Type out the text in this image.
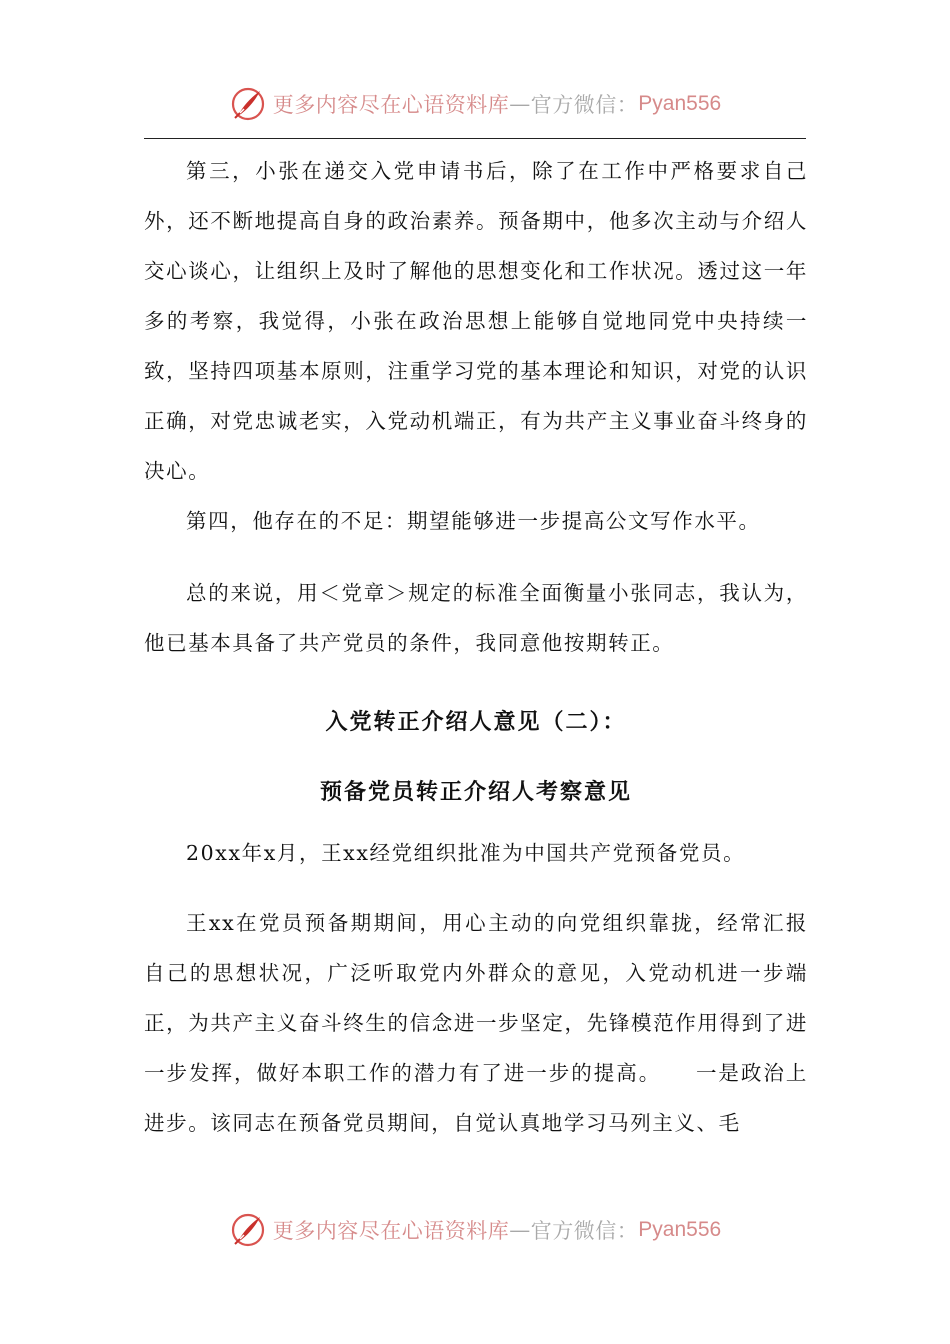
更多内容尽在心语资料库 — 官方微信： Pyan556

第三，小张在递交入党申请书后，除了在工作中严格要求自己外，还不断地提高自身的政治素养。预备期中，他多次主动与介绍人交心谈心，让组织上及时了解他的思想变化和工作状况。透过这一年多的考察，我觉得，小张在政治思想上能够自觉地同党中央持续一致，坚持四项基本原则，注重学习党的基本理论和知识，对党的认识正确，对党忠诚老实，入党动机端正，有为共产主义事业奋斗终身的决心。

第四，他存在的不足：期望能够进一步提高公文写作水平。

总的来说，用＜党章＞规定的标准全面衡量小张同志，我认为，他已基本具备了共产党员的条件，我同意他按期转正。

入党转正介绍人意见（二）：
预备党员转正介绍人考察意见

20xx年x月，王xx经党组织批准为中国共产党预备党员。

王xx在党员预备期期间，用心主动的向党组织靠拢，经常汇报自己的思想状况，广泛听取党内外群众的意见，入党动机进一步端正，为共产主义奋斗终生的信念进一步坚定，先锋模范作用得到了进一步发挥，做好本职工作的潜力有了进一步的提高。　　一是政治上进步。该同志在预备党员期间，自觉认真地学习马列主义、毛

更多内容尽在心语资料库 — 官方微信： Pyan556
